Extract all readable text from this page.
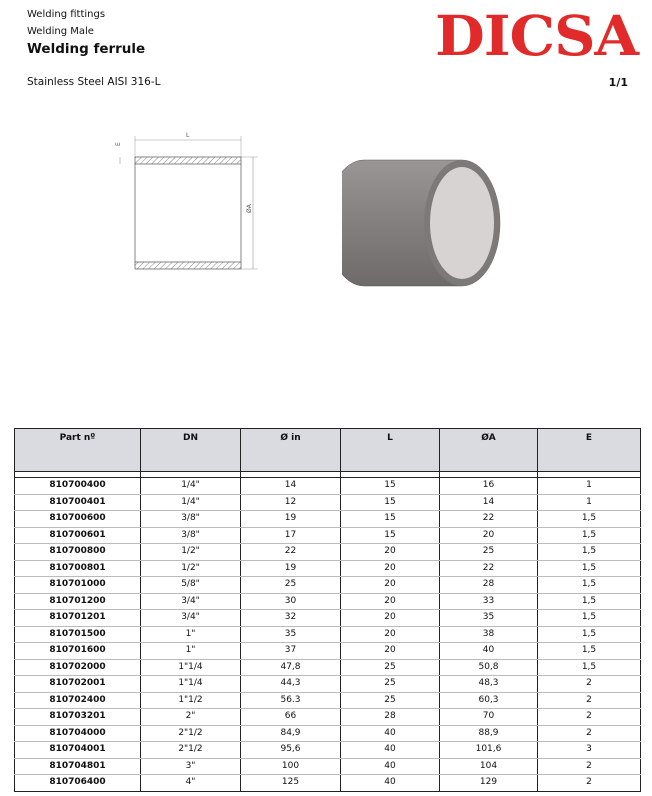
Welding fittings
Welding Male
Welding ferrule
Stainless Steel AISI 316-L	1/1
DICSA
L
E
ØA
Part nº	DN	Ø in	L	ØA	E

810700400	1/4"	14	15	16	1
810700401	1/4"	12	15	14	1
810700600	3/8"	19	15	22	1,5
810700601	3/8"	17	15	20	1,5
810700800	1/2"	22	20	25	1,5
810700801	1/2"	19	20	22	1,5
810701000	5/8"	25	20	28	1,5
810701200	3/4"	30	20	33	1,5
810701201	3/4"	32	20	35	1,5
810701500	1"	35	20	38	1,5
810701600	1"	37	20	40	1,5
810702000	1"1/4	47,8	25	50,8	1,5
810702001	1"1/4	44,3	25	48,3	2
810702400	1"1/2	56.3	25	60,3	2
810703201	2"	66	28	70	2
810704000	2"1/2	84,9	40	88,9	2
810704001	2"1/2	95,6	40	101,6	3
810704801	3"	100	40	104	2
810706400	4"	125	40	129	2
